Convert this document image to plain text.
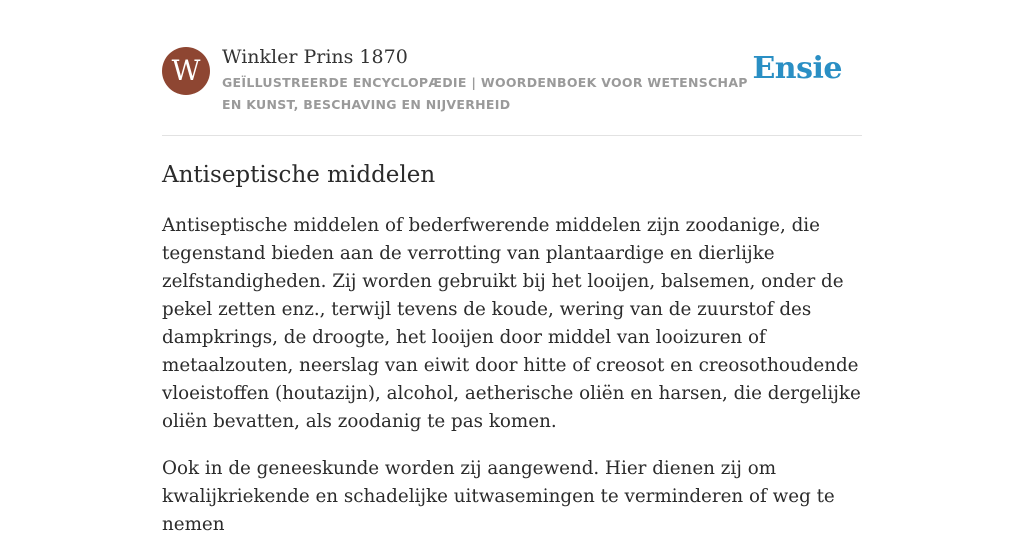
W	Winkler Prins 1870
GEÏLLUSTREERDE ENCYCLOPÆDIE | WOORDENBOEK VOOR WETENSCHAP EN KUNST, BESCHAVING EN NIJVERHEID
Ensie
Antiseptische middelen

Antiseptische middelen of bederfwerende middelen zijn zoodanige, die tegenstand bieden aan de verrotting van plantaardige en dierlijke zelfstandigheden. Zij worden gebruikt bij het looijen, balsemen, onder de pekel zetten enz., terwijl tevens de koude, wering van de zuurstof des dampkrings, de droogte, het looijen door middel van looizuren of metaalzouten, neerslag van eiwit door hitte of creosot en creosothoudende vloeistoffen (houtazijn), alcohol, aetherische oliën en harsen, die dergelijke oliën bevatten, als zoodanig te pas komen.

Ook in de geneeskunde worden zij aangewend. Hier dienen zij om kwalijkriekende en schadelijke uitwasemingen te verminderen of weg te nemen
